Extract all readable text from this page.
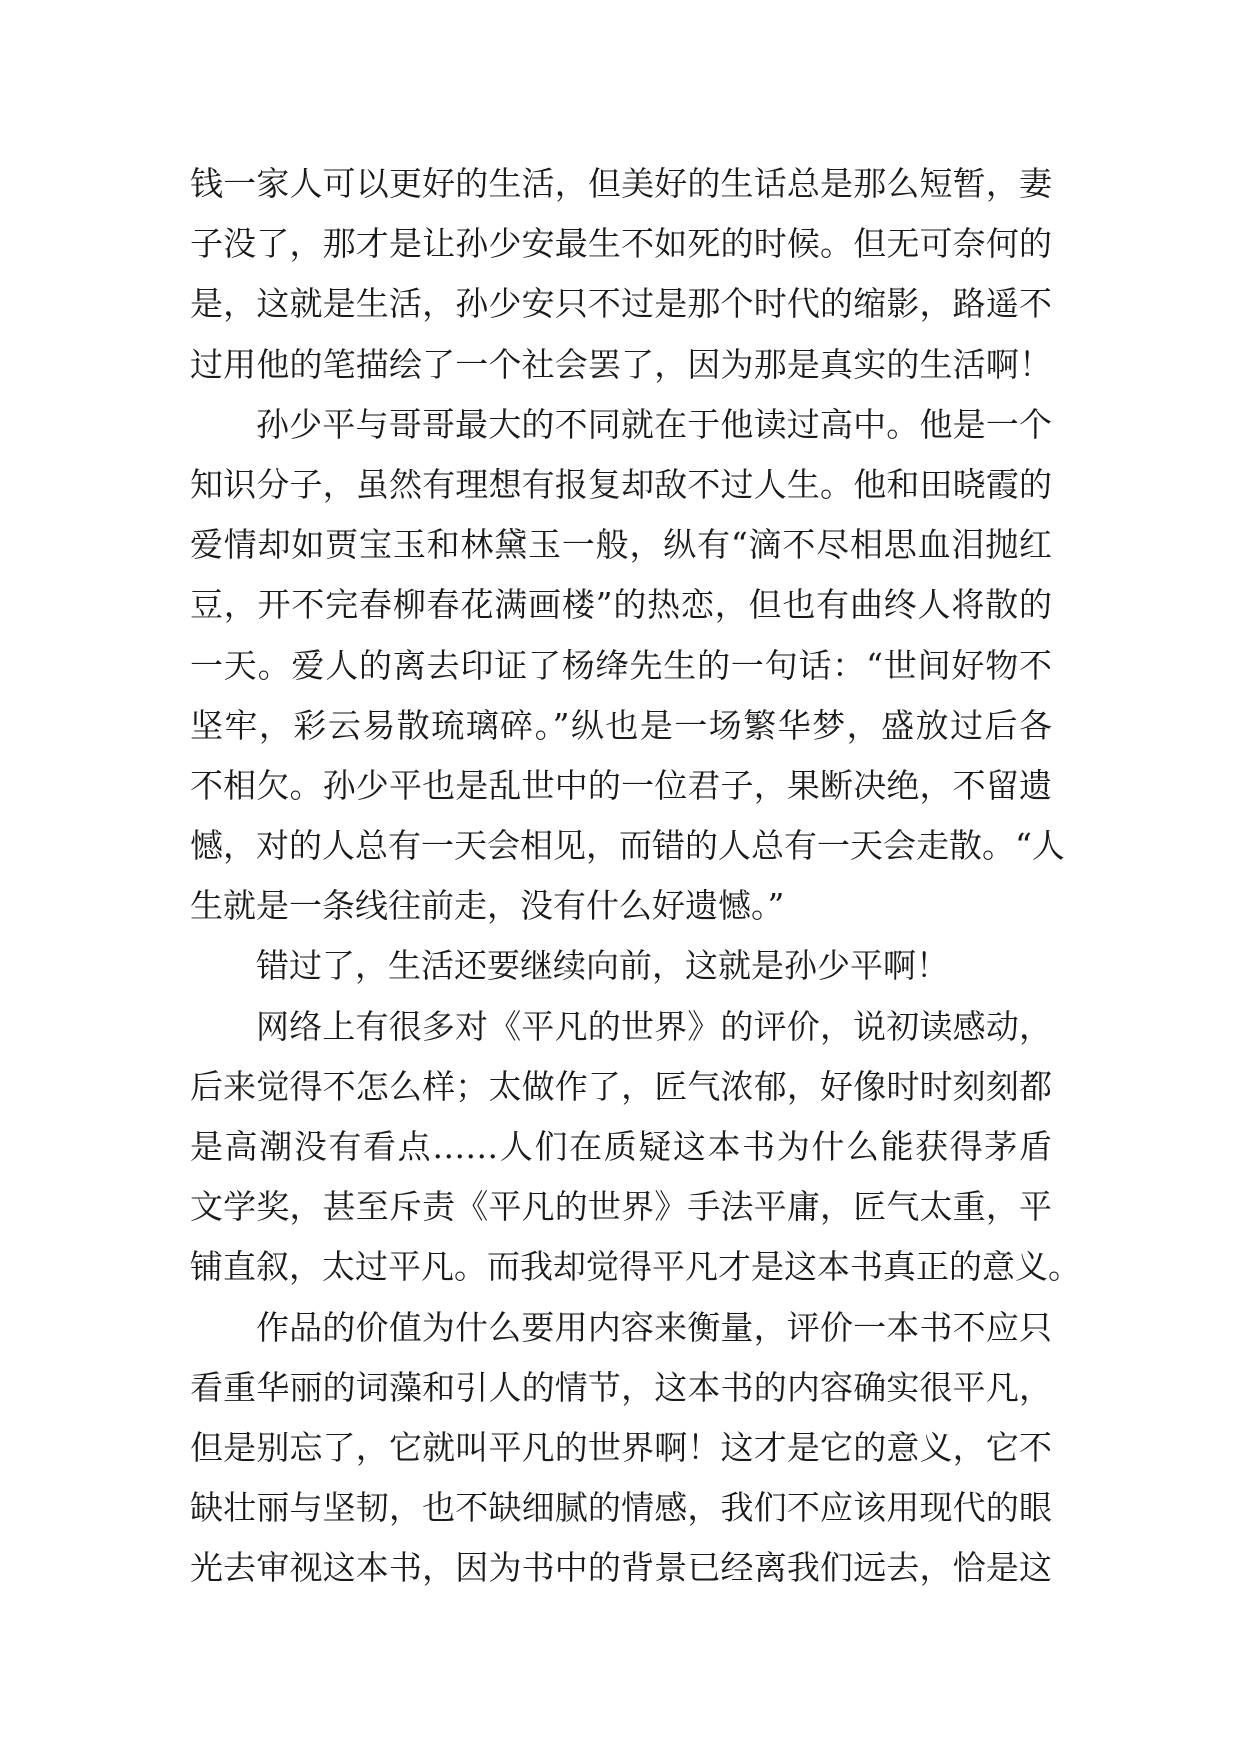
钱一家人可以更好的生活，但美好的生话总是那么短暂，妻
子没了，那才是让孙少安最生不如死的时候。但无可奈何的
是，这就是生活，孙少安只不过是那个时代的缩影，路遥不
过用他的笔描绘了一个社会罢了，因为那是真实的生活啊！
孙少平与哥哥最大的不同就在于他读过高中。他是一个
知识分子，虽然有理想有报复却敌不过人生。他和田晓霞的
爱情却如贾宝玉和林黛玉一般，纵有“滴不尽相思血泪抛红
豆，开不完春柳春花满画楼”的热恋，但也有曲终人将散的
一天。爱人的离去印证了杨绛先生的一句话：“世间好物不
坚牢，彩云易散琉璃碎。”纵也是一场繁华梦，盛放过后各
不相欠。孙少平也是乱世中的一位君子，果断决绝，不留遗
憾，对的人总有一天会相见，而错的人总有一天会走散。“人
生就是一条线往前走，没有什么好遗憾。”
错过了，生活还要继续向前，这就是孙少平啊！
网络上有很多对《平凡的世界》的评价，说初读感动，
后来觉得不怎么样；太做作了，匠气浓郁，好像时时刻刻都
是高潮没有看点……人们在质疑这本书为什么能获得茅盾
文学奖，甚至斥责《平凡的世界》手法平庸，匠气太重，平
铺直叙，太过平凡。而我却觉得平凡才是这本书真正的意义。
作品的价值为什么要用内容来衡量，评价一本书不应只
看重华丽的词藻和引人的情节，这本书的内容确实很平凡，
但是别忘了，它就叫平凡的世界啊！这才是它的意义，它不
缺壮丽与坚韧，也不缺细腻的情感，我们不应该用现代的眼
光去审视这本书，因为书中的背景已经离我们远去，恰是这
